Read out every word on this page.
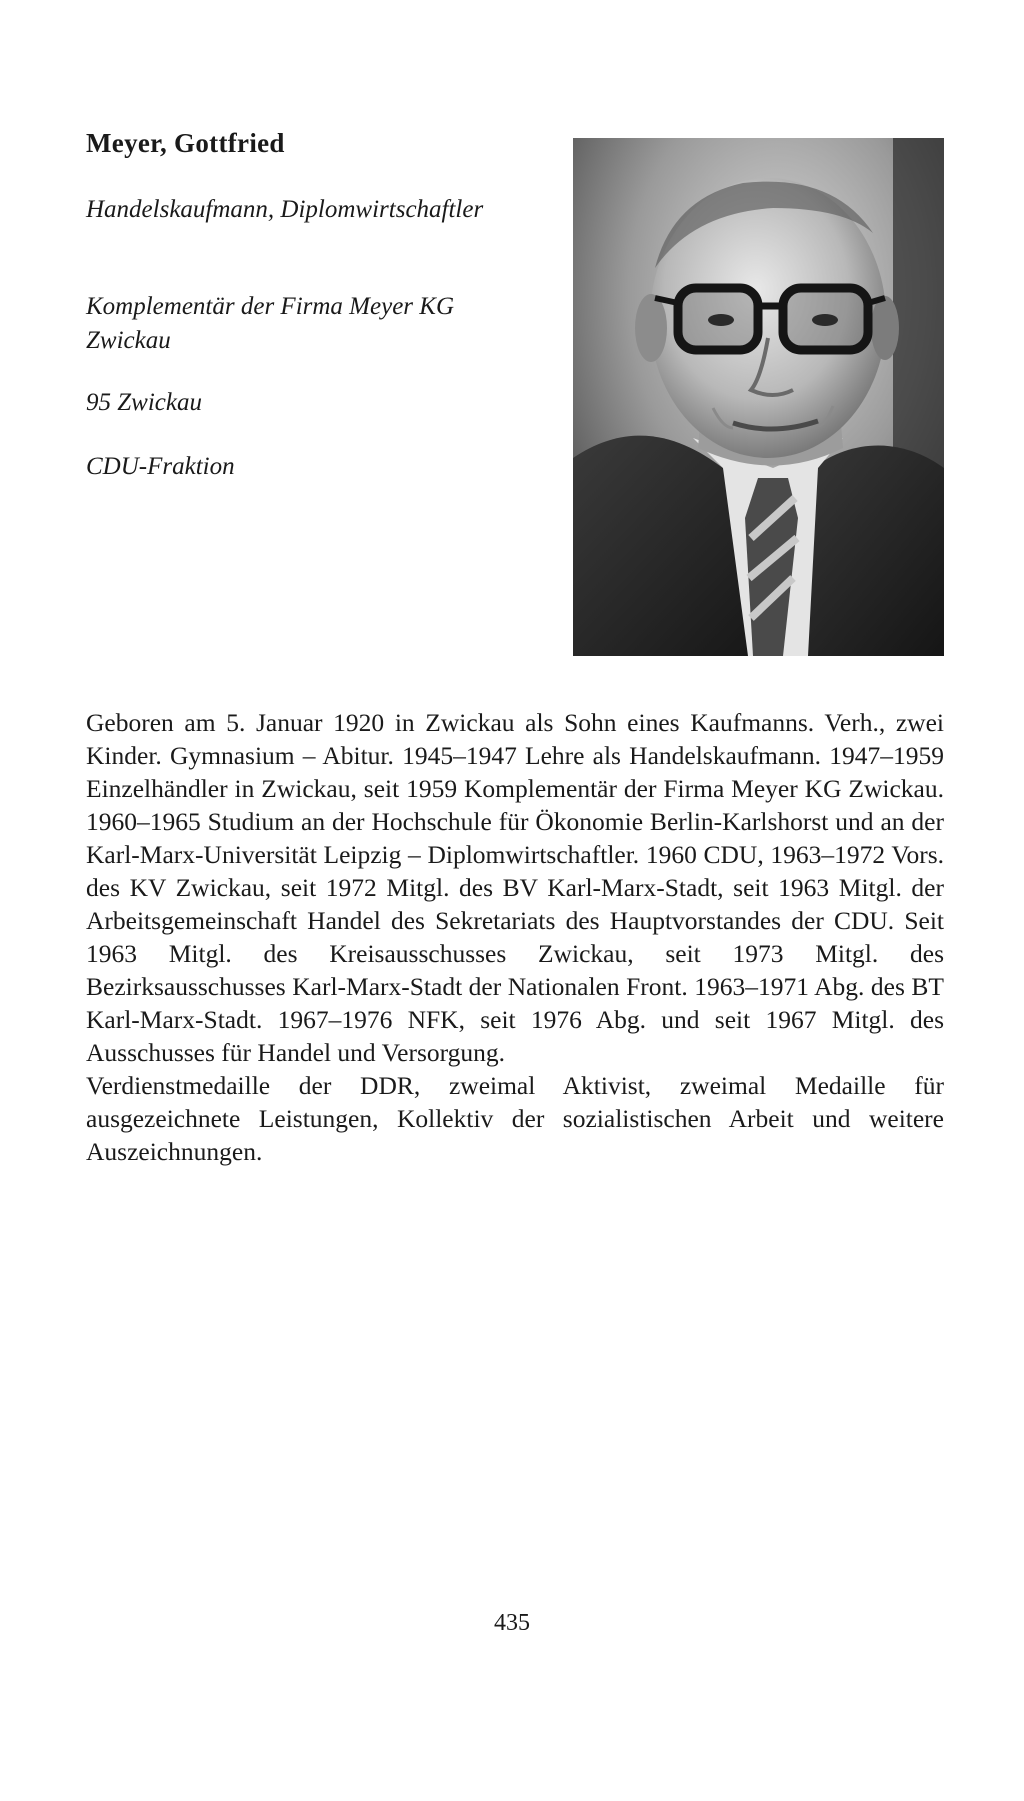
Meyer, Gottfried
Handelskaufmann, Diplomwirtschaftler
Komplementär der Firma Meyer KG Zwickau
95 Zwickau
CDU-Fraktion

Geboren am 5. Januar 1920 in Zwickau als Sohn eines Kaufmanns. Verh., zwei Kinder. Gymnasium – Abitur. 1945–1947 Lehre als Handelskaufmann. 1947–1959 Einzelhändler in Zwickau, seit 1959 Komplementär der Firma Meyer KG Zwickau. 1960–1965 Studium an der Hochschule für Ökonomie Berlin-Karlshorst und an der Karl-Marx-Universität Leipzig – Diplomwirtschaftler. 1960 CDU, 1963–1972 Vors. des KV Zwickau, seit 1972 Mitgl. des BV Karl-Marx-Stadt, seit 1963 Mitgl. der Arbeitsgemeinschaft Handel des Sekretariats des Hauptvorstandes der CDU. Seit 1963 Mitgl. des Kreisausschusses Zwickau, seit 1973 Mitgl. des Bezirksausschusses Karl-Marx-Stadt der Nationalen Front. 1963–1971 Abg. des BT Karl-Marx-Stadt. 1967–1976 NFK, seit 1976 Abg. und seit 1967 Mitgl. des Ausschusses für Handel und Versorgung.

Verdienstmedaille der DDR, zweimal Aktivist, zweimal Medaille für ausgezeichnete Leistungen, Kollektiv der sozialistischen Arbeit und weitere Auszeichnungen.

435
